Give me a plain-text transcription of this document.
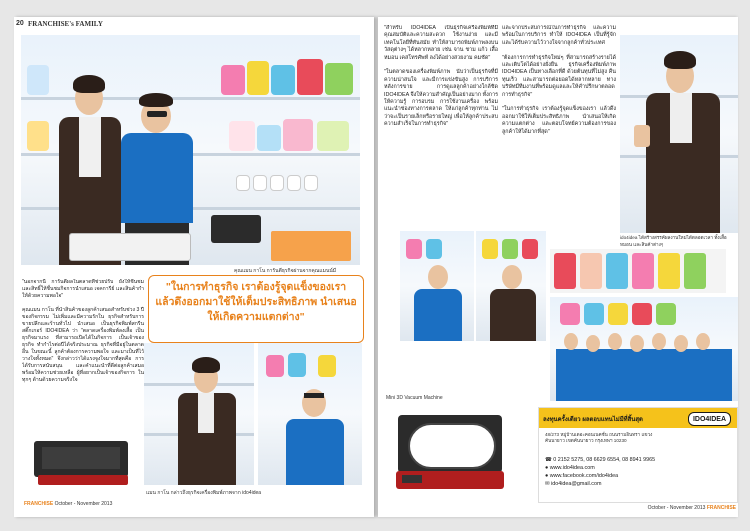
20 FRANCHISE's FAMILY
คุณแมน กาโน การันตีธุรกิจผ่านจากคุณแมนน์มี
"นอกจากนี้ การันตีผลในตลาดที่ช่วยปรับ ยังให้ชื่นชมและสิทธิ์ให้ชื่นชมกิจการนำเสนอ เจคการีย์ และสินค้ากำให้ด้วยความพอใจ"

คุณแมน กาโน ที่นำสินค้าของลูกค้าเสนอสำหรับช่วง 3 ปีของกิจกรรม ไม่เพิ่มและมีความรักใน ธุรกิจสำหรับการขายปลีกและร้านทั่วไป นำเสนอ เป็นธุรกิจพิมพ์สกรีนสติ๊กเกอร์ IDO4IDEA ว่า "ตลาดเครื่องพิมพ์ลงเสื้อ เป็นธุรกิจมาแรง ที่สามารถเปิดได้ในกิจการ เป็นเจ้าของธุรกิจ ทำกำไรต่อปีได้จริงประมาณ ธุรกิจที่มีอยู่ในตลาดอื่น ในขณะนี้ ลูกค้าต้องการความพอใจ และมาเป็นที่ไว้วางใจทั้งหมด" จึงกล่าวว่าได้แรงจูงใจมากที่สุดคือ การได้รับการสนับสนุน และคำแนะนำที่ดีต่อลูกค้าเสมอ พร้อมให้ความช่วยเหลือ ผู้ที่อยากเป็นเจ้าของกิจการ ในทุกๆ ด้านด้วยความจริงใจ
"ในการทำธุรกิจ เราต้องรู้จุดแข็งของเรา แล้วดึงออกมาใช้ให้เต็มประสิทธิภาพ นำเสนอให้เกิดความแตกต่าง"
แมน กาโน กล่าวถึงธุรกิจเครื่องพิมพ์ภาพจาก ido4idea
FRANCHISE October - November 2013
"สำหรับ IDO4IDEA เป็นธุรกิจเครื่องพิมพ์ที่มีคุณสมบัติและความสะดวก ใช้งานง่าย และมีเทคโนโลยีที่ทันสมัย ทำให้สามารถพิมพ์ภาพลงบนวัสดุต่างๆ ได้หลากหลาย เช่น จาน ชาม แก้ว เสื้อ หมอน เคสโทรศัพท์ ลงได้อย่างสวยงาม คมชัด"

"ในตลาดของเครื่องพิมพ์ภาพ นับว่าเป็นธุรกิจที่มีความน่าสนใจ และมีการแข่งขันสูง การบริการหลังการขาย การดูแลลูกค้าอย่างใกล้ชิด IDO4IDEA จึงให้ความสำคัญเป็นอย่างมาก ทั้งการให้ความรู้ การอบรม การใช้งานเครื่อง พร้อมแนะนำช่องทางการตลาด ให้แก่ลูกค้าทุกท่าน ไม่ว่าจะเป็นรายเล็กหรือรายใหญ่ เพื่อให้ลูกค้าประสบความสำเร็จในการทำธุรกิจ"
และจากประสบการณ์ในการทำธุรกิจ และความพร้อมในการบริการ ทำให้ IDO4IDEA เป็นที่รู้จักและได้รับความไว้วางใจจากลูกค้าทั่วประเทศ

"ต้องการการทำธุรกิจใหม่ๆ ที่สามารถสร้างรายได้ และเติบโตได้อย่างยั่งยืน ธุรกิจเครื่องพิมพ์ภาพ IDO4IDEA เป็นทางเลือกที่ดี ด้วยต้นทุนที่ไม่สูง คืนทุนเร็ว และสามารถต่อยอดได้หลากหลาย ทางบริษัทมีทีมงานที่พร้อมดูแลและให้คำปรึกษาตลอดการทำธุรกิจ"

"ในการทำธุรกิจ เราต้องรู้จุดแข็งของเรา แล้วดึงออกมาใช้ให้เต็มประสิทธิภาพ นำเสนอให้เกิดความแตกต่าง และตอบโจทย์ความต้องการของลูกค้าให้ได้มากที่สุด"
ido4idea ได้สร้างสรรค์ผลงานใหม่ได้ตลอดเวลา ทั้งเสื้อ หมอน และสินค้าต่างๆ
Mini 3D Vacuum Machine
ลงทุนครั้งเดียว ผลตอบแทนไม่มีที่สิ้นสุด	IDO4IDEA
48/273 หมู่บ้านเดอะคอนเนคชั่น ถนนรามอินทรา แขวงคันนายาว เขตคันนายาว กรุงเทพฯ 10230
☎ 0 2152 5275, 08 6629 6554, 08 8941 9965
● www.ido4idea.com
● www.facebook.com/ido4idea
✉ ido4idea@gmail.com
October - November 2013 FRANCHISE
